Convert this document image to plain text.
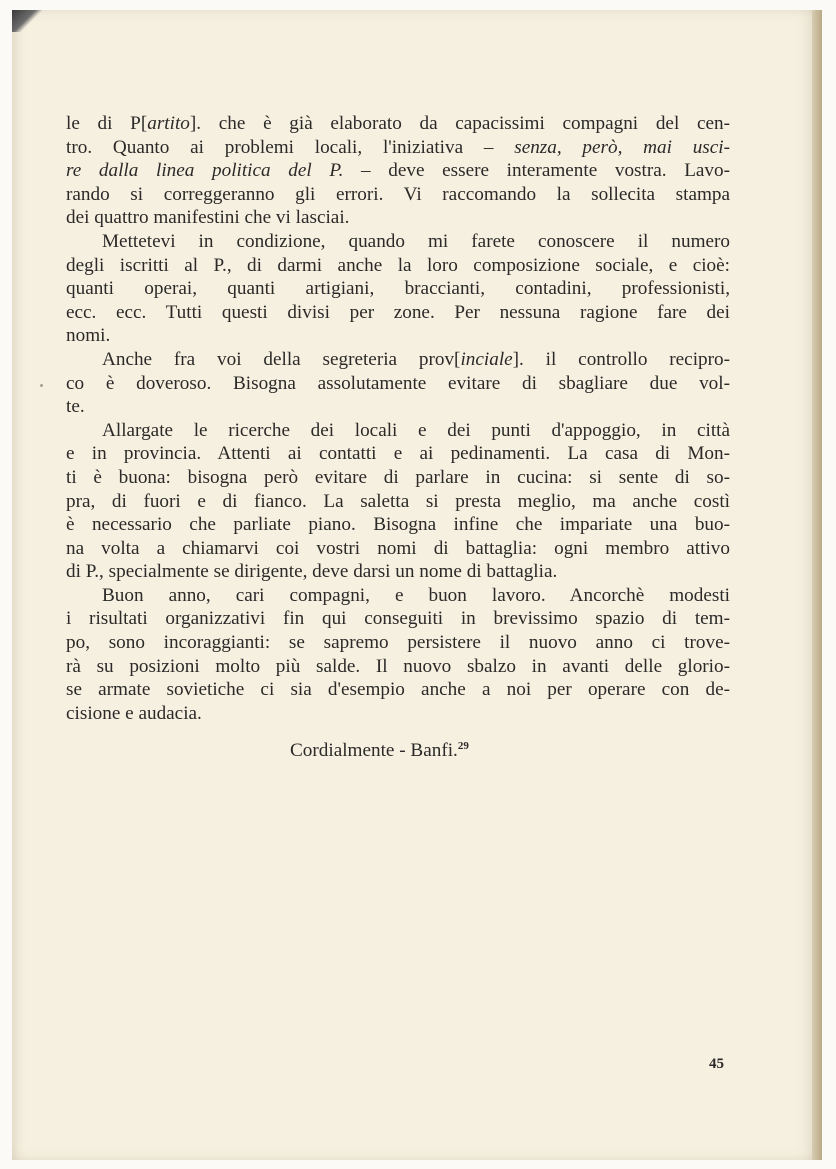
le di P[artito]. che è già elaborato da capacissimi compagni del cen-
tro. Quanto ai problemi locali, l'iniziativa – senza, però, mai usci-
re dalla linea politica del P. – deve essere interamente vostra. Lavo-
rando si correggeranno gli errori. Vi raccomando la sollecita stampa
dei quattro manifestini che vi lasciai.
Mettetevi in condizione, quando mi farete conoscere il numero
degli iscritti al P., di darmi anche la loro composizione sociale, e cioè:
quanti operai, quanti artigiani, braccianti, contadini, professionisti,
ecc. ecc. Tutti questi divisi per zone. Per nessuna ragione fare dei
nomi.
Anche fra voi della segreteria prov[inciale]. il controllo recipro-
co è doveroso. Bisogna assolutamente evitare di sbagliare due vol-
te.
Allargate le ricerche dei locali e dei punti d'appoggio, in città
e in provincia. Attenti ai contatti e ai pedinamenti. La casa di Mon-
ti è buona: bisogna però evitare di parlare in cucina: si sente di so-
pra, di fuori e di fianco. La saletta si presta meglio, ma anche costì
è necessario che parliate piano. Bisogna infine che impariate una buo-
na volta a chiamarvi coi vostri nomi di battaglia: ogni membro attivo
di P., specialmente se dirigente, deve darsi un nome di battaglia.
Buon anno, cari compagni, e buon lavoro. Ancorchè modesti
i risultati organizzativi fin qui conseguiti in brevissimo spazio di tem-
po, sono incoraggianti: se sapremo persistere il nuovo anno ci trove-
rà su posizioni molto più salde. Il nuovo sbalzo in avanti delle glorio-
se armate sovietiche ci sia d'esempio anche a noi per operare con de-
cisione e audacia.
Cordialmente - Banfi.$^{29}$
45
